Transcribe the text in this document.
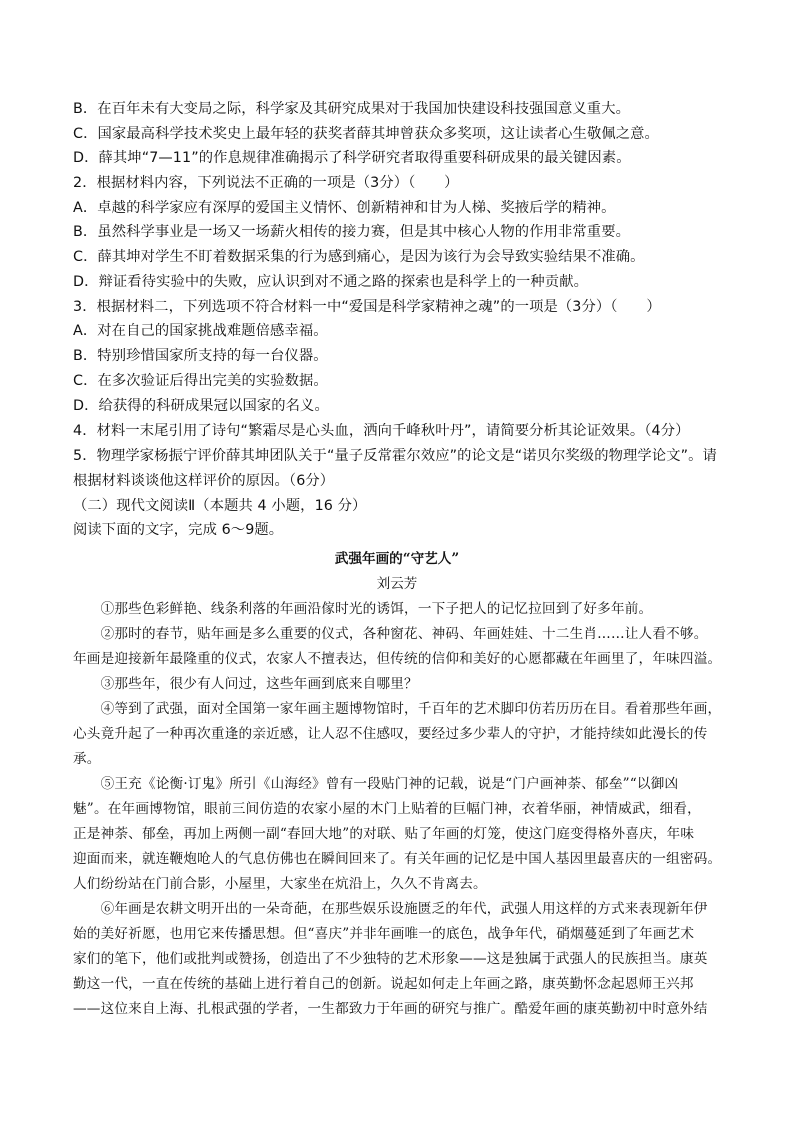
B．在百年未有大变局之际，科学家及其研究成果对于我国加快建设科技强国意义重大。
C．国家最高科学技术奖史上最年轻的获奖者薛其坤曾获众多奖项，这让读者心生敬佩之意。
D．薛其坤“7—11”的作息规律准确揭示了科学研究者取得重要科研成果的最关键因素。
2．根据材料内容，下列说法不正确的一项是（3分）（　　）
A．卓越的科学家应有深厚的爱国主义情怀、创新精神和甘为人梯、奖掖后学的精神。
B．虽然科学事业是一场又一场薪火相传的接力赛，但是其中核心人物的作用非常重要。
C．薛其坤对学生不盯着数据采集的行为感到痛心，是因为该行为会导致实验结果不准确。
D．辩证看待实验中的失败，应认识到对不通之路的探索也是科学上的一种贡献。
3．根据材料二，下列选项不符合材料一中“爱国是科学家精神之魂”的一项是（3分）（　　）
A．对在自己的国家挑战难题倍感幸福。
B．特别珍惜国家所支持的每一台仪器。
C．在多次验证后得出完美的实验数据。
D．给获得的科研成果冠以国家的名义。
4．材料一末尾引用了诗句“繁霜尽是心头血，洒向千峰秋叶丹”，请简要分析其论证效果。（4分）
5．物理学家杨振宁评价薛其坤团队关于“量子反常霍尔效应”的论文是“诺贝尔奖级的物理学论文”。请
根据材料谈谈他这样评价的原因。（6分）
（二）现代文阅读Ⅱ（本题共 4 小题，16 分）
阅读下面的文字，完成 6～9题。
武强年画的“守艺人”
刘云芳
　　①那些色彩鲜艳、线条利落的年画沿傢时光的诱饵，一下子把人的记忆拉回到了好多年前。
　　②那时的春节，贴年画是多么重要的仪式，各种窗花、神码、年画娃娃、十二生肖……让人看不够。
年画是迎接新年最隆重的仪式，农家人不擅表达，但传统的信仰和美好的心愿都藏在年画里了，年味四溢。
　　③那些年，很少有人问过，这些年画到底来自哪里？
　　④等到了武强，面对全国第一家年画主题博物馆时，千百年的艺术脚印仿若历历在目。看着那些年画，
心头竟升起了一种再次重逢的亲近感，让人忍不住感叹，要经过多少辈人的守护，才能持续如此漫长的传
承。
　　⑤王充《论衡·订鬼》所引《山海经》曾有一段贴门神的记载，说是“门户画神荼、郁垒”“以御凶
魅”。在年画博物馆，眼前三间仿造的农家小屋的木门上贴着的巨幅门神，衣着华丽，神情威武，细看，
正是神荼、郁垒，再加上两侧一副“春回大地”的对联、贴了年画的灯笼，使这门庭变得格外喜庆，年味
迎面而来，就连鞭炮呛人的气息仿佛也在瞬间回来了。有关年画的记忆是中国人基因里最喜庆的一组密码。
人们纷纷站在门前合影，小屋里，大家坐在炕沿上，久久不肯离去。
　　⑥年画是农耕文明开出的一朵奇葩，在那些娱乐设施匮乏的年代，武强人用这样的方式来表现新年伊
始的美好祈愿，也用它来传播思想。但“喜庆”并非年画唯一的底色，战争年代，硝烟蔓延到了年画艺术
家们的笔下，他们或批判或赞扬，创造出了不少独特的艺术形象——这是独属于武强人的民族担当。康英
勤这一代，一直在传统的基础上进行着自己的创新。说起如何走上年画之路，康英勤怀念起恩师王兴邦
——这位来自上海、扎根武强的学者，一生都致力于年画的研究与推广。酷爱年画的康英勤初中时意外结
